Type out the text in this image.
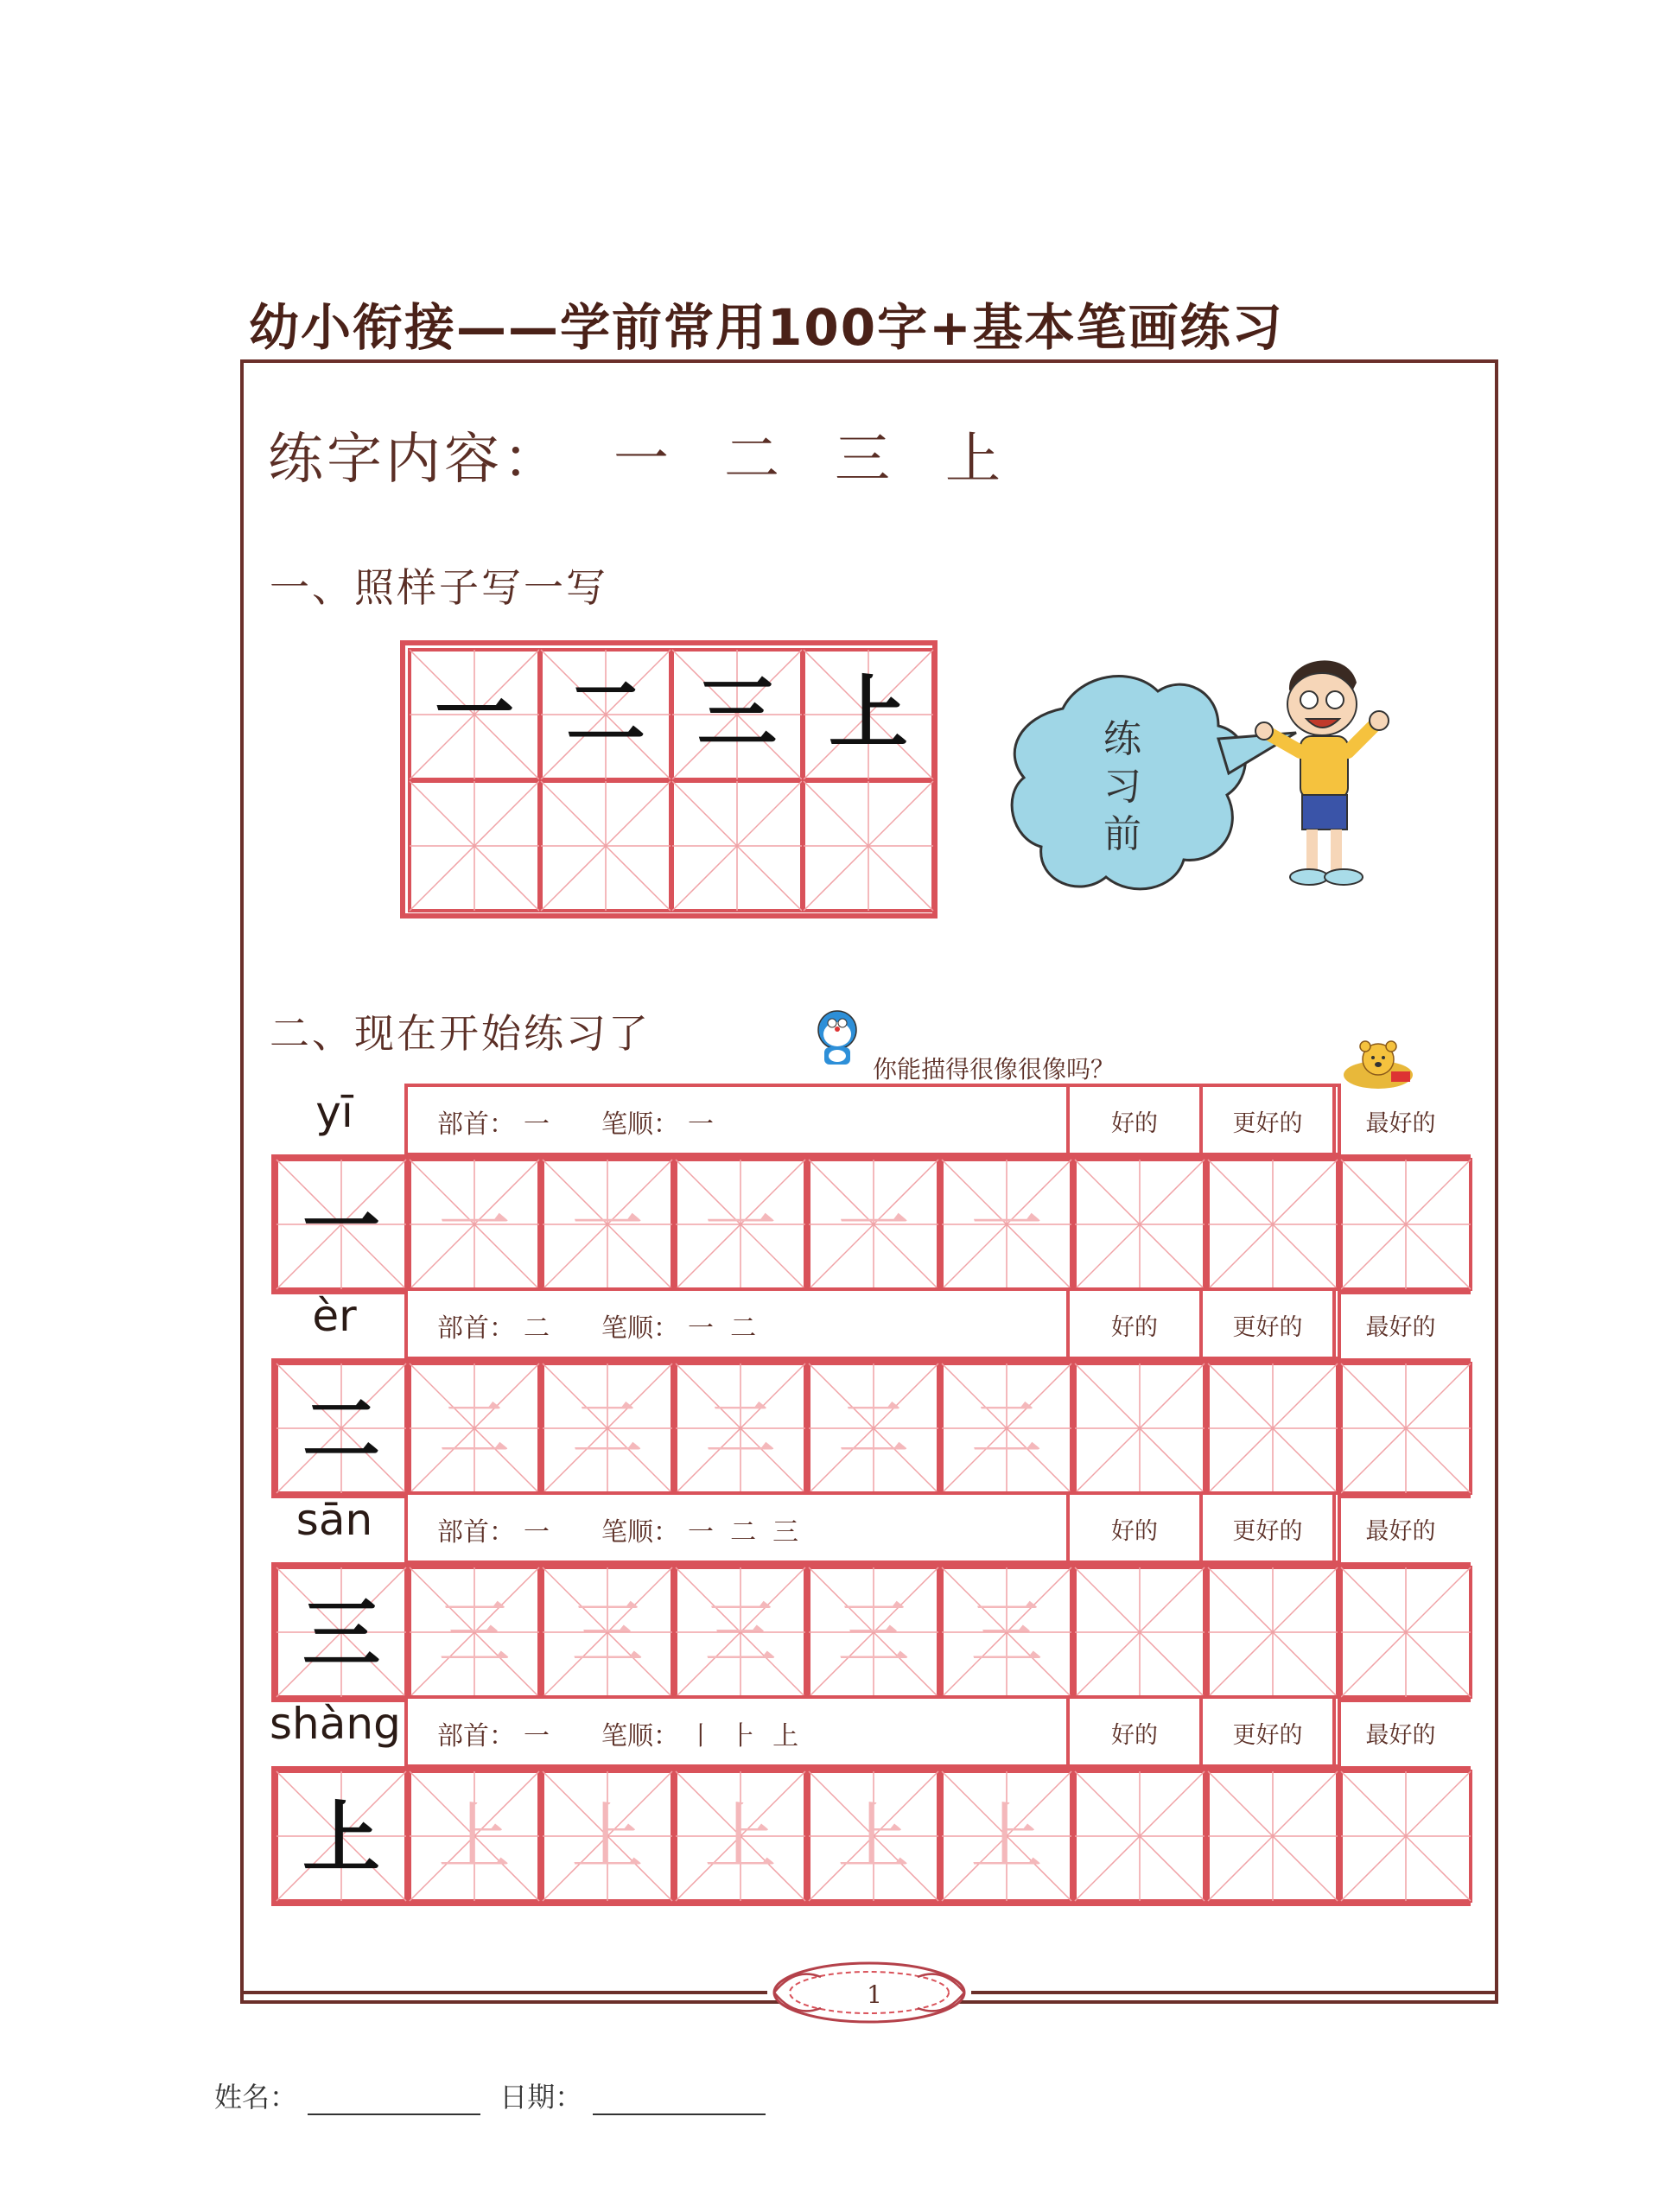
幼小衔接——学前常用100字+基本笔画练习
练字内容： 一 二 三 上
一、照样子写一写
一 二 三 上	练
习
前
二、现在开始练习了
你能描得很像很像吗？
一 一 一 一 一 一
二 二 二 二 二 二
三 三 三 三 三 三
上 上 上 上 上 上
yī	部首： 一 笔顺： 一	好的	更好的	最好的
èr	部首： 二 笔顺： 一  二	好的	更好的	最好的
sān	部首： 一 笔顺： 一  二  三	好的	更好的	最好的
shàng 部首： 一 笔顺： 丨  ⺊  上	好的	更好的	最好的
1
姓名：	日期：
